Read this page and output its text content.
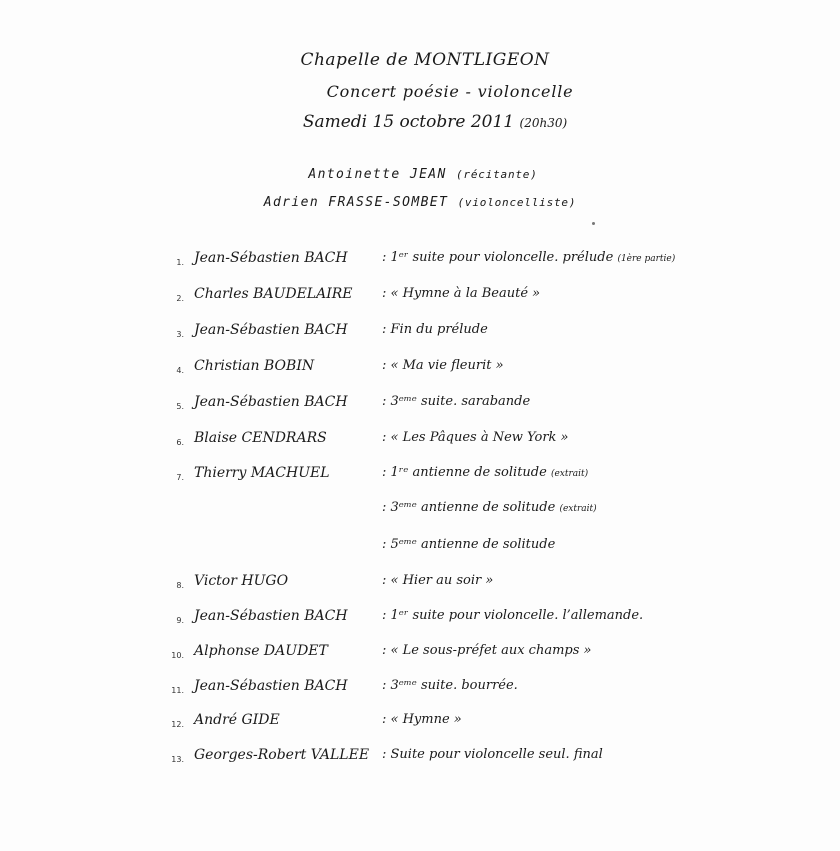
Chapelle de MONTLIGEON
Concert poésie - violoncelle
Samedi 15 octobre 2011 (20h30)
Antoinette JEAN (récitante)
Adrien FRASSE-SOMBET (violoncelliste)
1. Jean-Sébastien BACH	: 1ᵉʳ suite pour violoncelle. prélude (1ère partie)
2. Charles BAUDELAIRE : « Hymne à la Beauté »
3. Jean-Sébastien BACH	: Fin du prélude
4. Christian BOBIN	: « Ma vie fleurit »
5. Jean-Sébastien BACH	: 3ᵉᵐᵉ suite. sarabande
6. Blaise CENDRARS	: « Les Pâques à New York »
7. Thierry MACHUEL	: 1ʳᵉ antienne de solitude (extrait)
: 3ᵉᵐᵉ antienne de solitude (extrait)
: 5ᵉᵐᵉ antienne de solitude
8. Victor HUGO	: « Hier au soir »
9. Jean-Sébastien BACH	: 1ᵉʳ suite pour violoncelle. l’allemande.
10. Alphonse DAUDET	: « Le sous-préfet aux champs »
11. Jean-Sébastien BACH	: 3ᵉᵐᵉ suite. bourrée.
12. André GIDE	: « Hymne »
13. Georges-Robert VALLEE : Suite pour violoncelle seul. final
